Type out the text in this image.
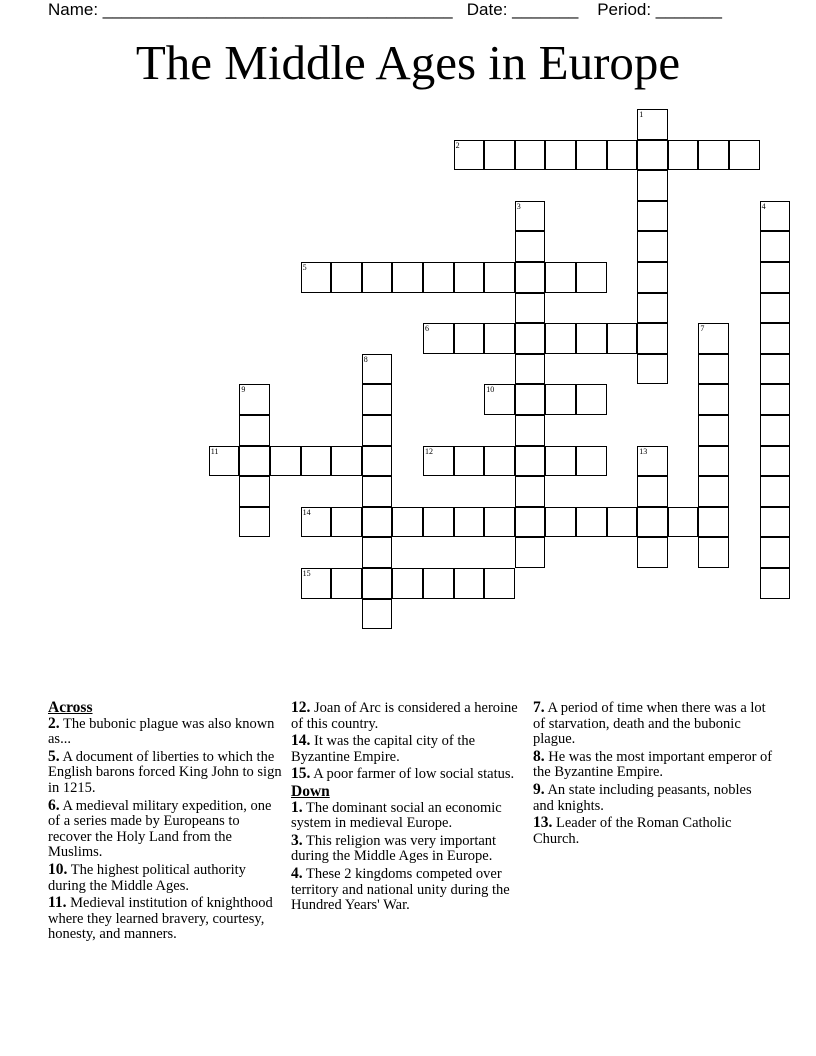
Name: _____________________________________   Date: _______    Period: _______
The Middle Ages in Europe
1
2
3	4
5
6	7
8
9	10
11	12	13
14
15
Across
2. The bubonic plague was also known as...
5. A document of liberties to which the English barons forced King John to sign in 1215.
6. A medieval military expedition, one of a series made by Europeans to recover the Holy Land from the Muslims.
10. The highest political authority during the Middle Ages.
11. Medieval institution of knighthood where they learned bravery, courtesy, honesty, and manners.
12. Joan of Arc is considered a heroine of this country.
14. It was the capital city of the Byzantine Empire.
15. A poor farmer of low social status.
Down
1. The dominant social an economic system in medieval Europe.
3. This religion was very important during the Middle Ages in Europe.
4. These 2 kingdoms competed over territory and national unity during the Hundred Years' War.
7. A period of time when there was a lot of starvation, death and the bubonic plague.
8. He was the most important emperor of the Byzantine Empire.
9. An state including peasants, nobles and knights.
13. Leader of the Roman Catholic Church.
